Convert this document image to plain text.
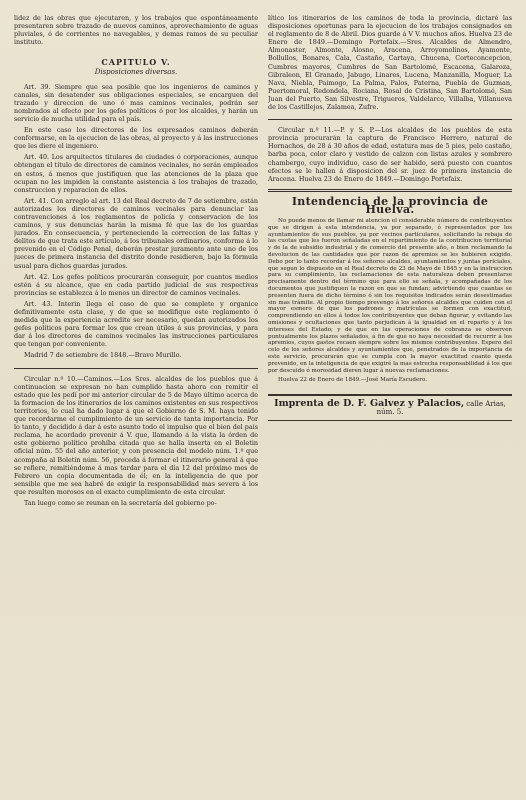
lidez de las obras que ejecutaren, y los trabajos que espontáneamente presentaren sobre trazado de nuevos caminos, aprovechamiento de aguas pluviales, ó de corrientes no navegables, y demas ramos de su peculiar instituto.

CAPITULO V.
Disposiciones diversas.

Art. 39. Siempre que sea posible que los ingenieros de caminos y canales, sin desatender sus obligaciones especiales, se encarguen del trazado y direccion de uno ó mas caminos vecinales, podrán ser nombrados al efecto por los gefes políticos ó por los alcaldes, y harán un servicio de mucha utilidad para el país.

En este caso los directores de los expresados caminos deberán conformarse, en la ejecucion de las obras, al proyecto y á las instrucciones que les diere el ingeniero.

Art. 40. Los arquitectos titulares de ciudades ó corporaciones, aunque obtengan el título de directores de caminos vecinales, no serán empleados en estos, á menos que justifiquen que las atenciones de la plaza que ocupan no les impiden la constante asistencia á los trabajos de trazado, construccion y reparacion de ellos.

Art. 41. Con arreglo al art. 13 del Real decreto de 7 de setiembre, están autorizados los directores de caminos vecinales para denunciar las contravenciones á los reglamentos de policía y conservacion de los caminos, y sus denuncias harán la misma fé que las de los guardas jurados. En consecuencia, y perteneciendo la correccion de las faltas y delitos de que trata este artículo, á los tribunales ordinarios, conforme á lo prevenido en el Código Penal, deberán prestar juramento ante uno de los jueces de primera instancia del distrito donde residieren, bajo la fórmula usual para dichos guardas jurados.

Art. 42. Los gefes políticos procurarán conseguir, por cuantos medios estén á su alcance, que en cada partido judicial de sus respectivas provincias se establezca á lo menos un director de caminos vecinales.

Art. 43. Interin llega el caso de que se complete y organice definitivamente esta clase, y de que se modifique este reglamento ó medida que la experiencia acredite ser necesario, quedan autorizados los gefes políticos para formar los que crean útiles á sus provincias, y para dar á los directores de caminos vecinales las instrucciones particulares que tengan por conveniente.

Madrid 7 de setiembre de 1848.—Bravo Murillo.

Circular n.º 10.—Caminos.—Los Sres. alcaldes de los pueblos que á continuacion se expresan no han cumplido hasta ahora con remitir el estado que les pedí por mi anterior circular de 5 de Mayo último acerca de la formacion de los itinerarios de los caminos existentes en sus respectivos territorios, lo cual ha dado lugar á que el Gobierno de S. M. haya tenido que recordarme el cumplimiento de un servicio de tanta importancia. Por lo tanto, y decidido á dar á este asunto todo el impulso que el bien del país reclama, he acordado prevenir á V. que, llamando á la vista la órden de este gobierno político prohíba citada que se halla inserta en el Boletin oficial núm. 55 del año anterior, y con presencia del modelo núm. 1.º que acompaña al Boletin núm. 56, proceda á formar el itinerario general á que se refiere, remitiéndome á mas tardar para el día 12 del próximo mes de Febrero un copia documentada de él; en la inteligencia de que por sensible que me sea habré de exigir la responsabilidad mas severa á los que resulten morosos en el exacto cumplimiento de esta circular.

Tan luego como se reunan en la secretaría del gobierno po-

lítico los itinerarios de los caminos de toda la provincia, dictaré las disposiciones oportunas para la ejecucion de los trabajos consignados en el reglamento de 8 de Abril. Dios guarde á V V. muchos años. Huelva 23 de Enero de 1849.—Domingo Portefaix.—Sres. Alcaldes de Almendro, Almonaster, Almonte, Alosno, Aracena, Arroyomolinos, Ayamonte, Bollullos, Bonares, Cala, Castaño, Cartaya, Chucena, Corteconcepcion, Cumbres mayores, Cumbres de San Bartolomé, Escacena, Galaroza, Gibraleon, El Granado, Jabugo, Linares, Lucena, Manzanilla, Moguer, La Nava, Niebla, Paimogo, La Palma, Palos, Paterna, Puebla de Guzman, Puertomoral, Redondela, Rociana, Rosal de Cristina, San Bartolomé, San Juan del Puerto, San Silvestre, Trigueros, Valdelarco, Villalba, Villanueva de los Castillejos, Zalamea, Zufre.

Circular n.º 11.—P. y S. P.—Los alcaldes de los pueblos de esta provincia procurarán la captura de Francisco Herrero, natural de Hornachos, de 28 á 30 años de edad, estatura mas de 5 pies, pelo castaño, barba poca, color claro y vestido de calzon con listas azules y sombrero chambergo, cuyo individuo, caso de ser habido, será puesto con cuantos efectos se le hallen á disposicion del sr. juez de primera instancia de Aracena. Huelva 23 de Enero de 1849.—Domingo Portefaix.

Intendencia de la provincia de Huelva.

No puede menos de llamar mi atencion el considerable número de contribuyentes que se dirigen á esta intendencia, ya por separado, ó representados por los ayuntamientos de sus pueblos, ya por vecinos particulares, solicitando la rebaja de las cuotas que les fueron señaladas en el repartimiento de la contribucion territorial y de la de subsidio industrial y de comercio del presente año, o bien reclamando la devolucion de las cantidades que por razon de apremios se les hubieren exigido. Debo por lo tanto recordar á los señores alcaldes, ayuntamientos y juntas periciales, que segun lo dispuesto en el Real decreto de 23 de Mayo de 1845 y en la instruccion para su cumplimiento, las reclamaciones de esta naturaleza deben presentarse precisamente dentro del término que para ello se señala, y acompañadas de los documentos que justifiquen la razon en que se fundan; advirtiendo que cuantas se presenten fuera de dicho término ó sin los requisitos indicados serán desestimadas sin mas trámite. Al propio tiempo prevengo á los señores alcaldes que cuiden con el mayor esmero de que los padrones y matrículas se formen con exactitud, comprendiendo en ellos á todos los contribuyentes que deban figurar, y evitando las omisiones y ocultaciones que tanto perjudican á la igualdad en el reparto y á los intereses del Estado; y de que en las operaciones de cobranza se observen puntualmente los plazos señalados, á fin de que no haya necesidad de recurrir á los apremios, cuyos gastos recaen siempre sobre los mismos contribuyentes. Espero del celo de los señores alcaldes y ayuntamientos que, penetrados de la importancia de este servicio, procurarán que se cumpla con la mayor exactitud cuanto queda prevenido, en la inteligencia de que exigiré la mas estrecha responsabilidad á los que por descuido ó morosidad dieren lugar á nuevas reclamaciones.

Huelva 22 de Enero de 1849.—José María Escudero.

Imprenta de D. F. Galvez y Palacios, calle Arias, núm. 5.
